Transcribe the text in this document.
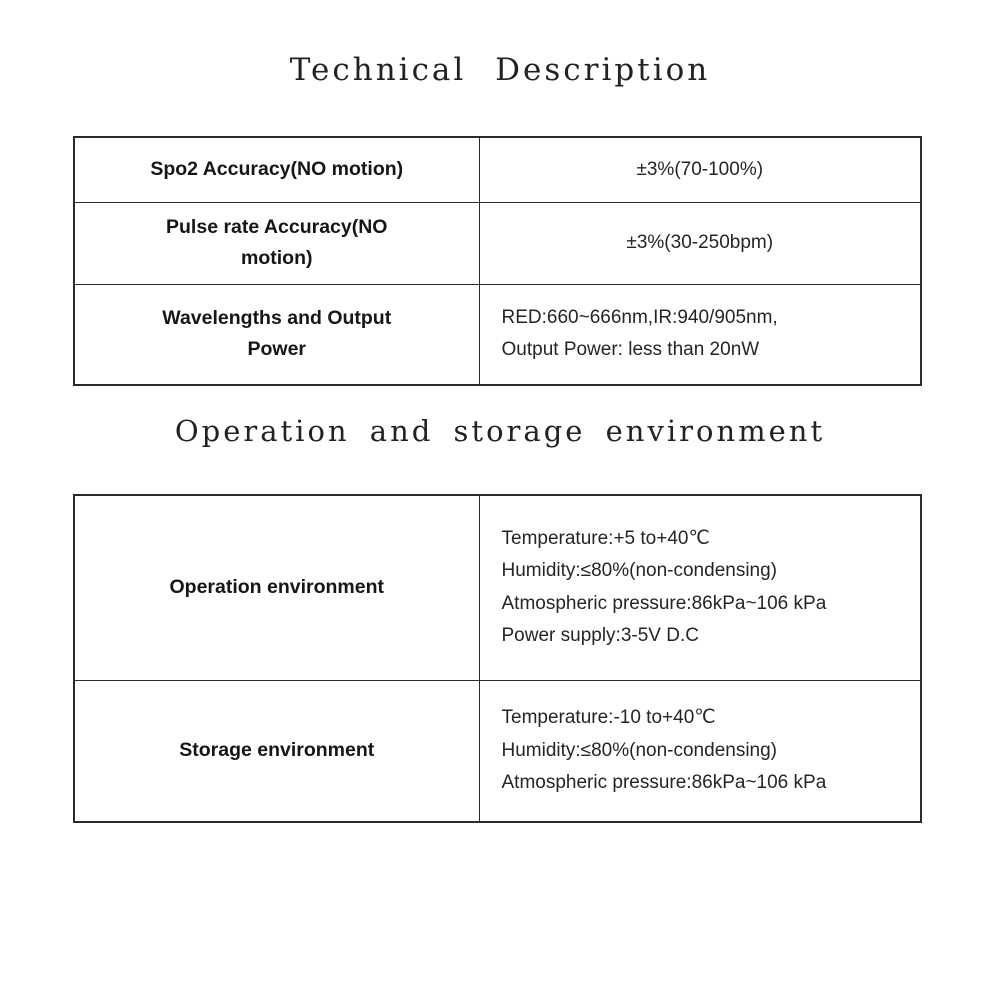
Technical Description
Spo2 Accuracy(NO motion)	±3%(70-100%)
Pulse rate Accuracy(NO motion)	±3%(30-250bpm)
Wavelengths and Output Power	RED:660~666nm,IR:940/905nm,
Output Power: less than 20nW
Operation and storage environment
Operation environment	Temperature:+5 to+40℃
Humidity:≤80%(non-condensing)
Atmospheric pressure:86kPa~106 kPa
Power supply:3-5V D.C

Storage environment	Temperature:-10 to+40℃
Humidity:≤80%(non-condensing)
Atmospheric pressure:86kPa~106 kPa
